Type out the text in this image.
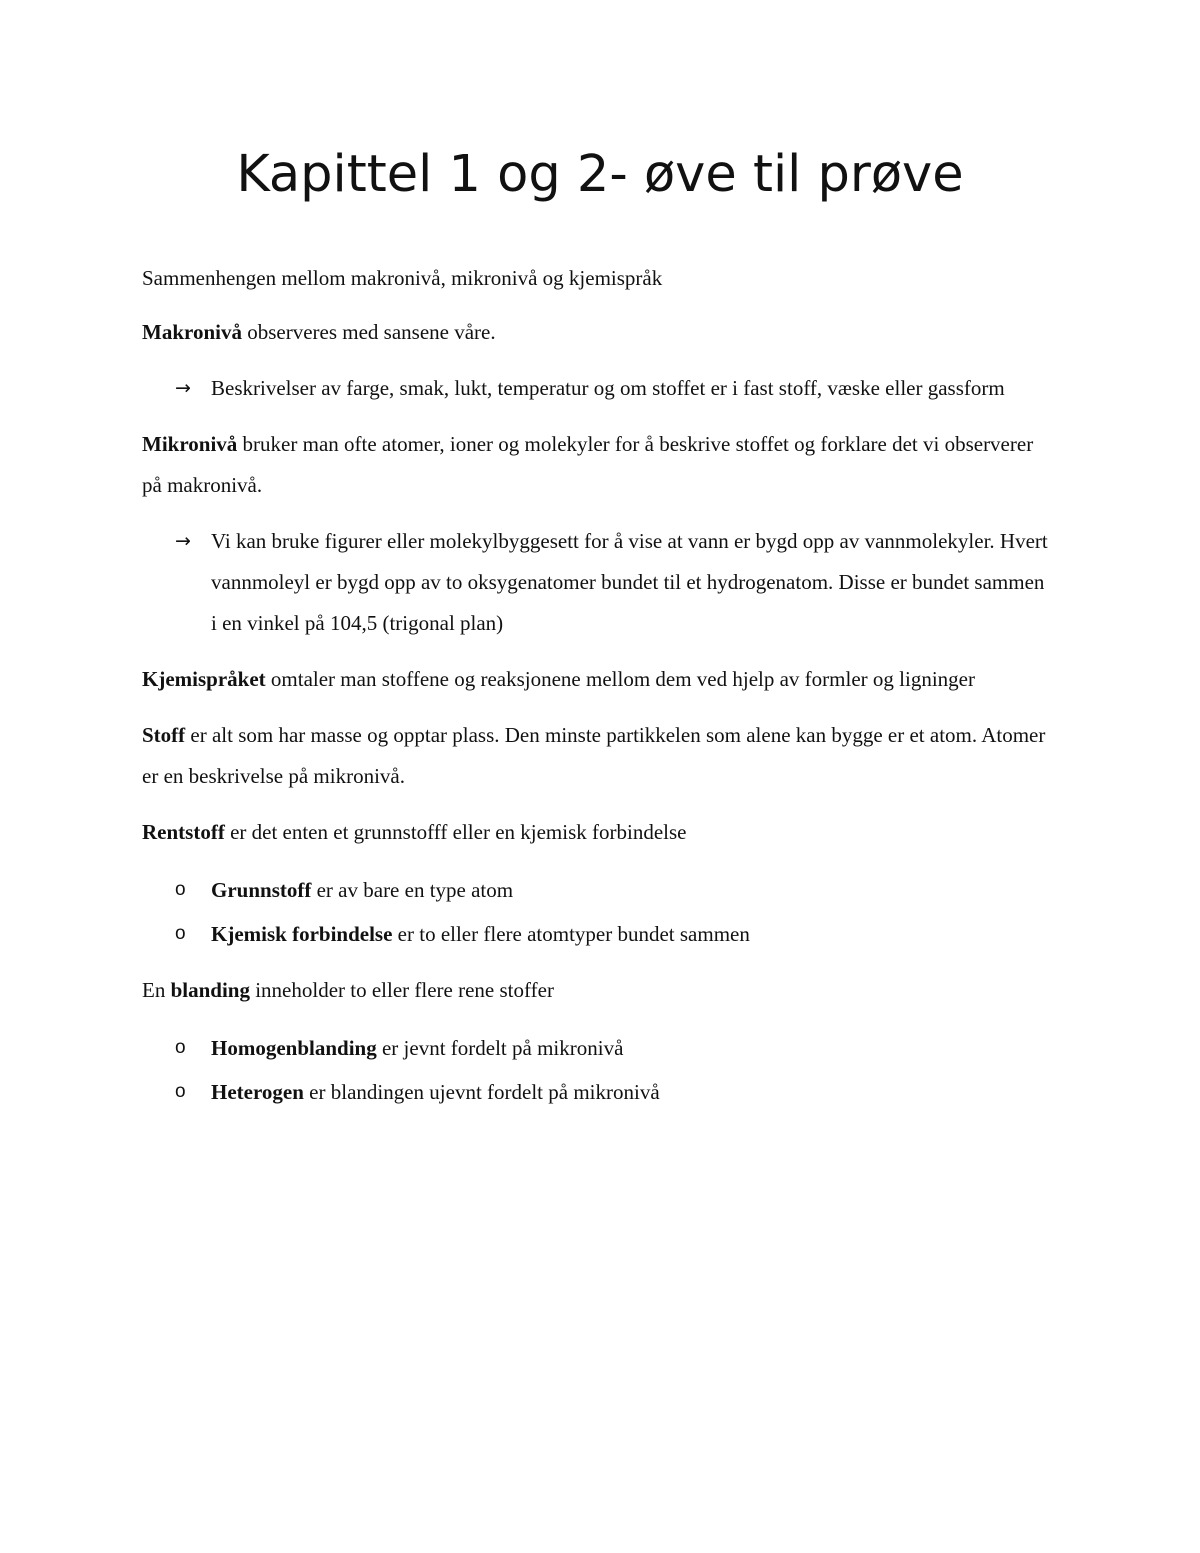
Kapittel 1 og 2- øve til prøve

Sammenhengen mellom makronivå, mikronivå og kjemispråk

Makronivå observeres med sansene våre.

→ Beskrivelser av farge, smak, lukt, temperatur og om stoffet er i fast stoff, væske eller gassform

Mikronivå bruker man ofte atomer, ioner og molekyler for å beskrive stoffet og forklare det vi observerer på makronivå.

→ Vi kan bruke figurer eller molekylbyggesett for å vise at vann er bygd opp av vannmolekyler. Hvert vannmoleyl er bygd opp av to oksygenatomer bundet til et hydrogenatom. Disse er bundet sammen i en vinkel på 104,5 (trigonal plan)

Kjemispråket omtaler man stoffene og reaksjonene mellom dem ved hjelp av formler og ligninger

Stoff er alt som har masse og opptar plass. Den minste partikkelen som alene kan bygge er et atom. Atomer er en beskrivelse på mikronivå.

Rentstoff er det enten et grunnstofff eller en kjemisk forbindelse

o Grunnstoff er av bare en type atom
o Kjemisk forbindelse er to eller flere atomtyper bundet sammen

En blanding inneholder to eller flere rene stoffer

o Homogenblanding er jevnt fordelt på mikronivå
o Heterogen er blandingen ujevnt fordelt på mikronivå
